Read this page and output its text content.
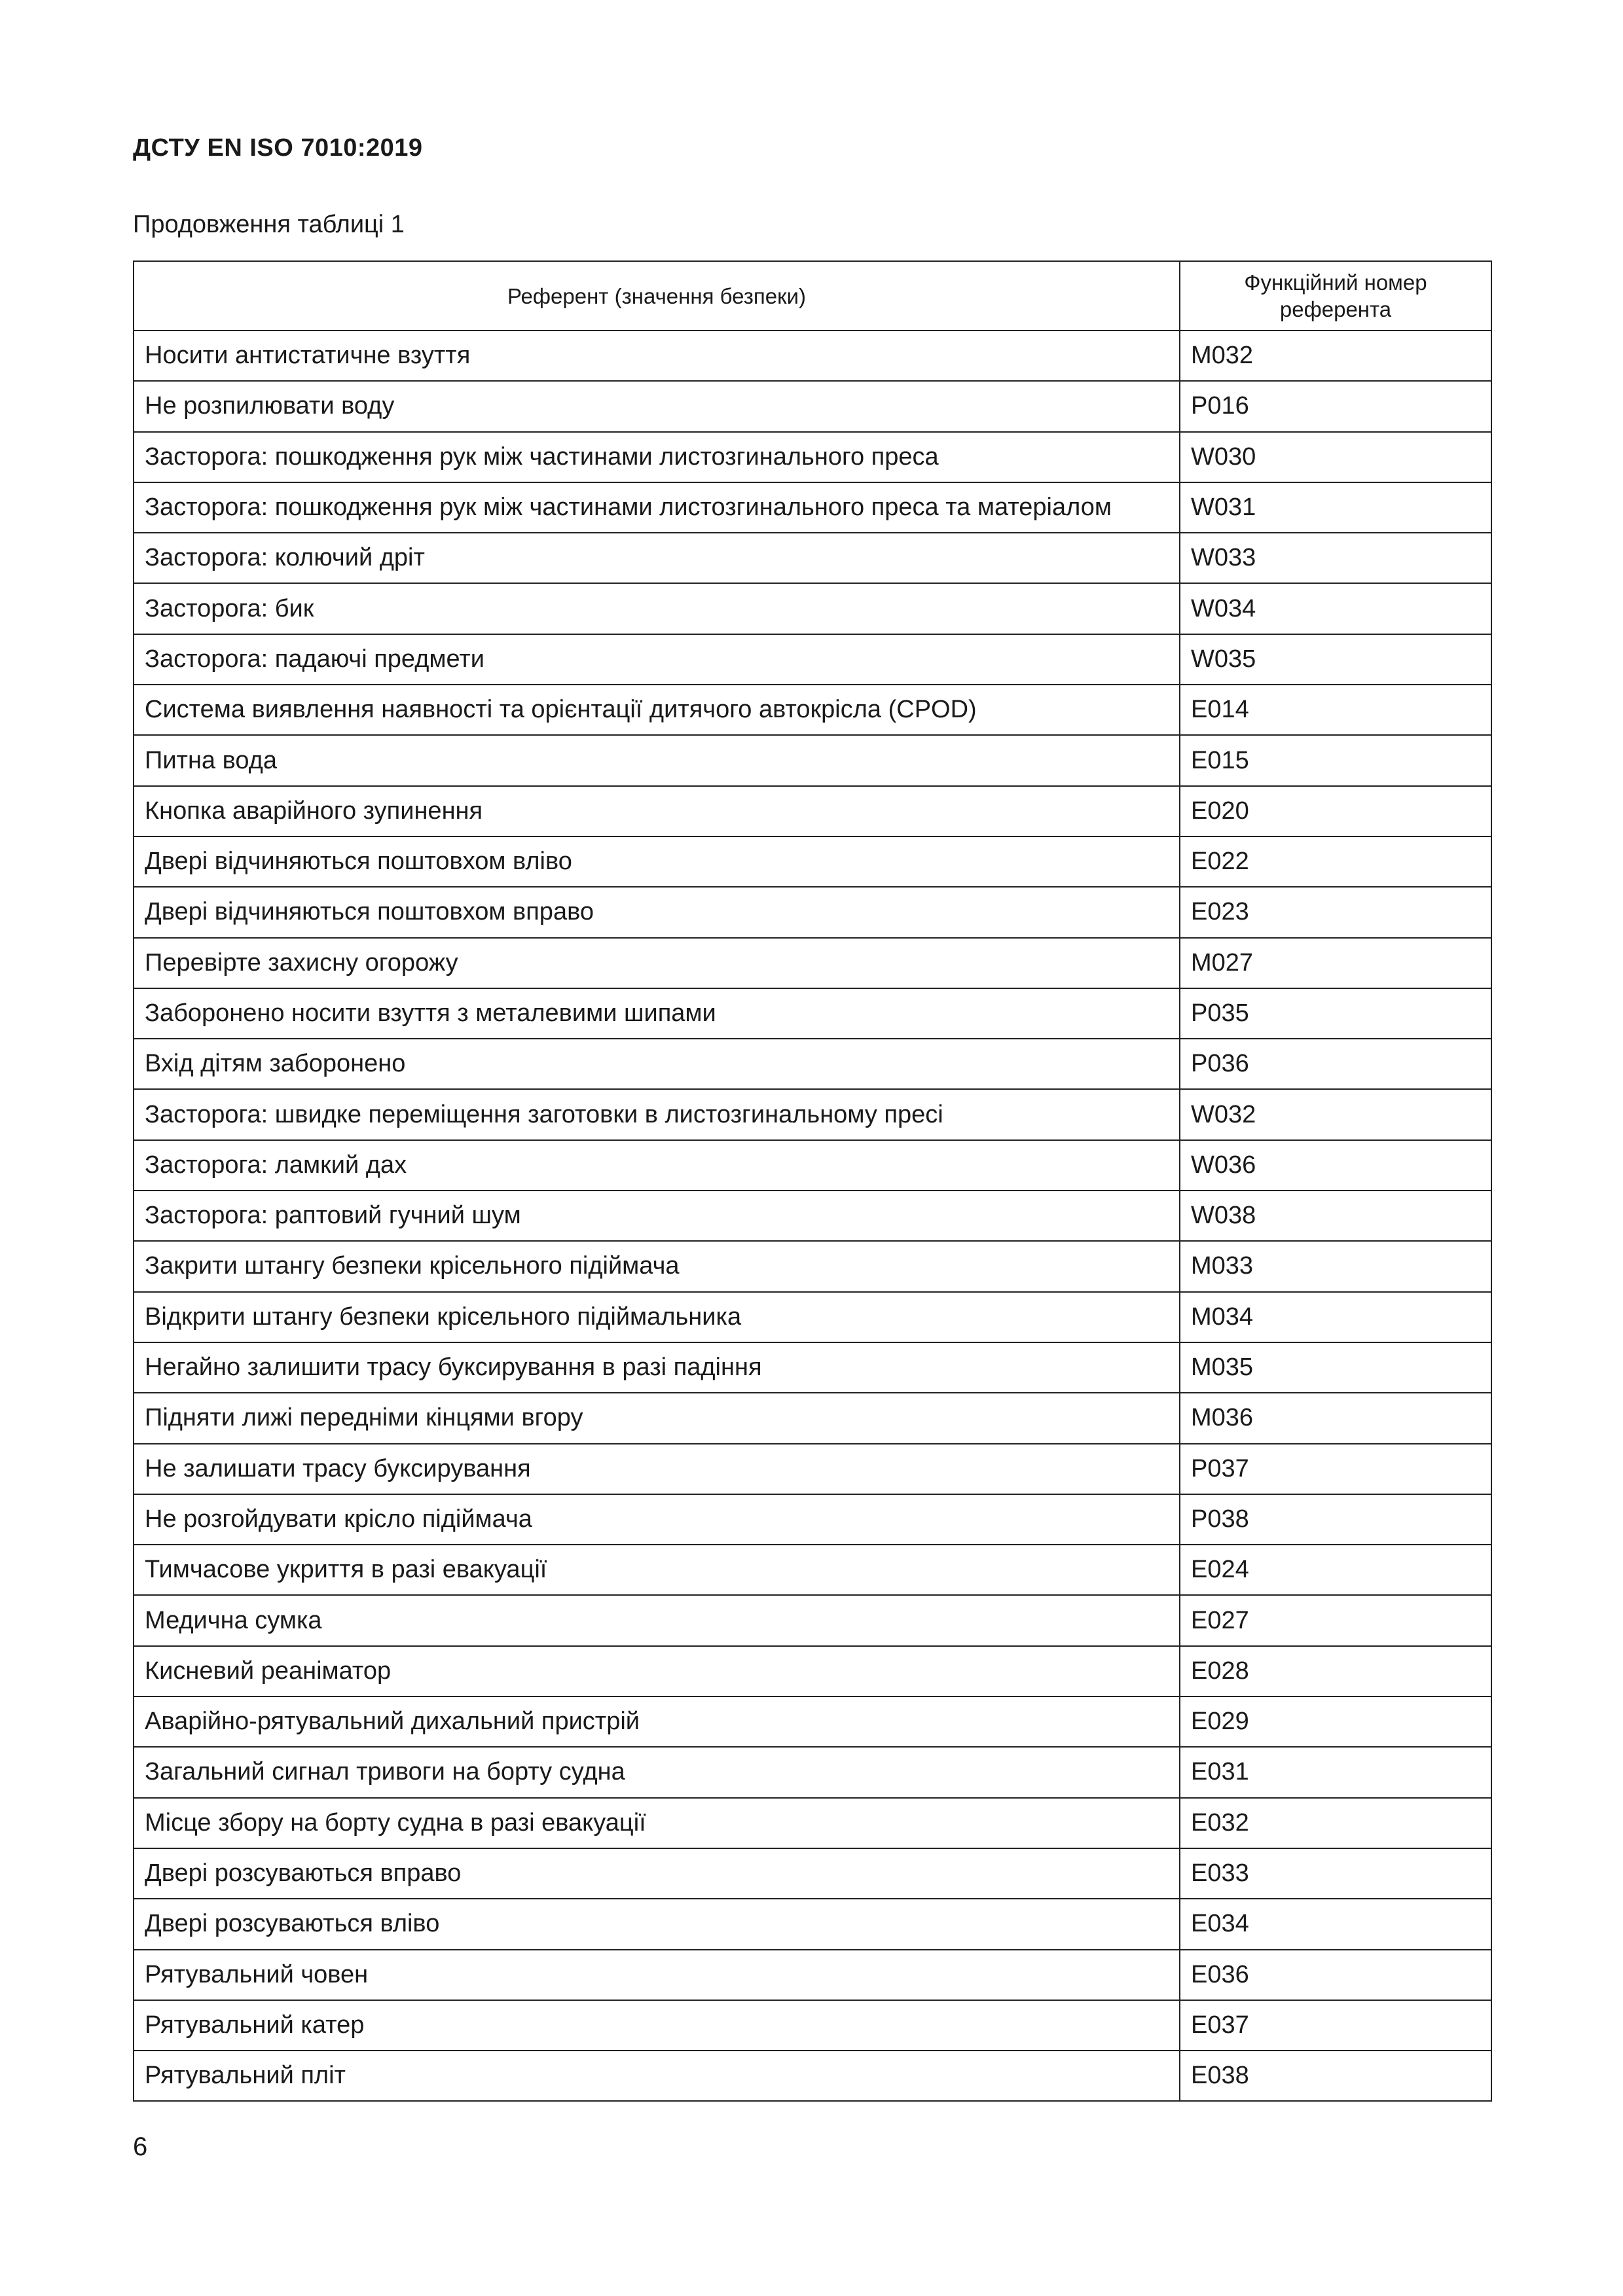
ДСТУ EN ISO 7010:2019
Продовження таблиці 1
Референт (значення безпеки)	Функційний номер референта
Носити антистатичне взуття	M032
Не розпилювати воду	P016
Засторога: пошкодження рук між частинами листозгинального преса	W030
Засторога: пошкодження рук між частинами листозгинального преса та матеріалом	W031
Засторога: колючий дріт	W033
Засторога: бик	W034
Засторога: падаючі предмети	W035
Система виявлення наявності та орієнтації дитячого автокрісла (CPOD)	E014
Питна вода	E015
Кнопка аварійного зупинення	E020
Двері відчиняються поштовхом вліво	E022
Двері відчиняються поштовхом вправо	E023
Перевірте захисну огорожу	M027
Заборонено носити взуття з металевими шипами	P035
Вхід дітям заборонено	P036
Засторога: швидке переміщення заготовки в листозгинальному пресі	W032
Засторога: ламкий дах	W036
Засторога: раптовий гучний шум	W038
Закрити штангу безпеки крісельного підіймача	M033
Відкрити штангу безпеки крісельного підіймальника	M034
Негайно залишити трасу буксирування в разі падіння	M035
Підняти лижі передніми кінцями вгору	M036
Не залишати трасу буксирування	P037
Не розгойдувати крісло підіймача	P038
Тимчасове укриття в разі евакуації	E024
Медична сумка	E027
Кисневий реаніматор	E028
Аварійно-рятувальний дихальний пристрій	E029
Загальний сигнал тривоги на борту судна	E031
Місце збору на борту судна в разі евакуації	E032
Двері розсуваються вправо	E033
Двері розсуваються вліво	E034
Рятувальний човен	E036
Рятувальний катер	E037
Рятувальний пліт	E038
6
